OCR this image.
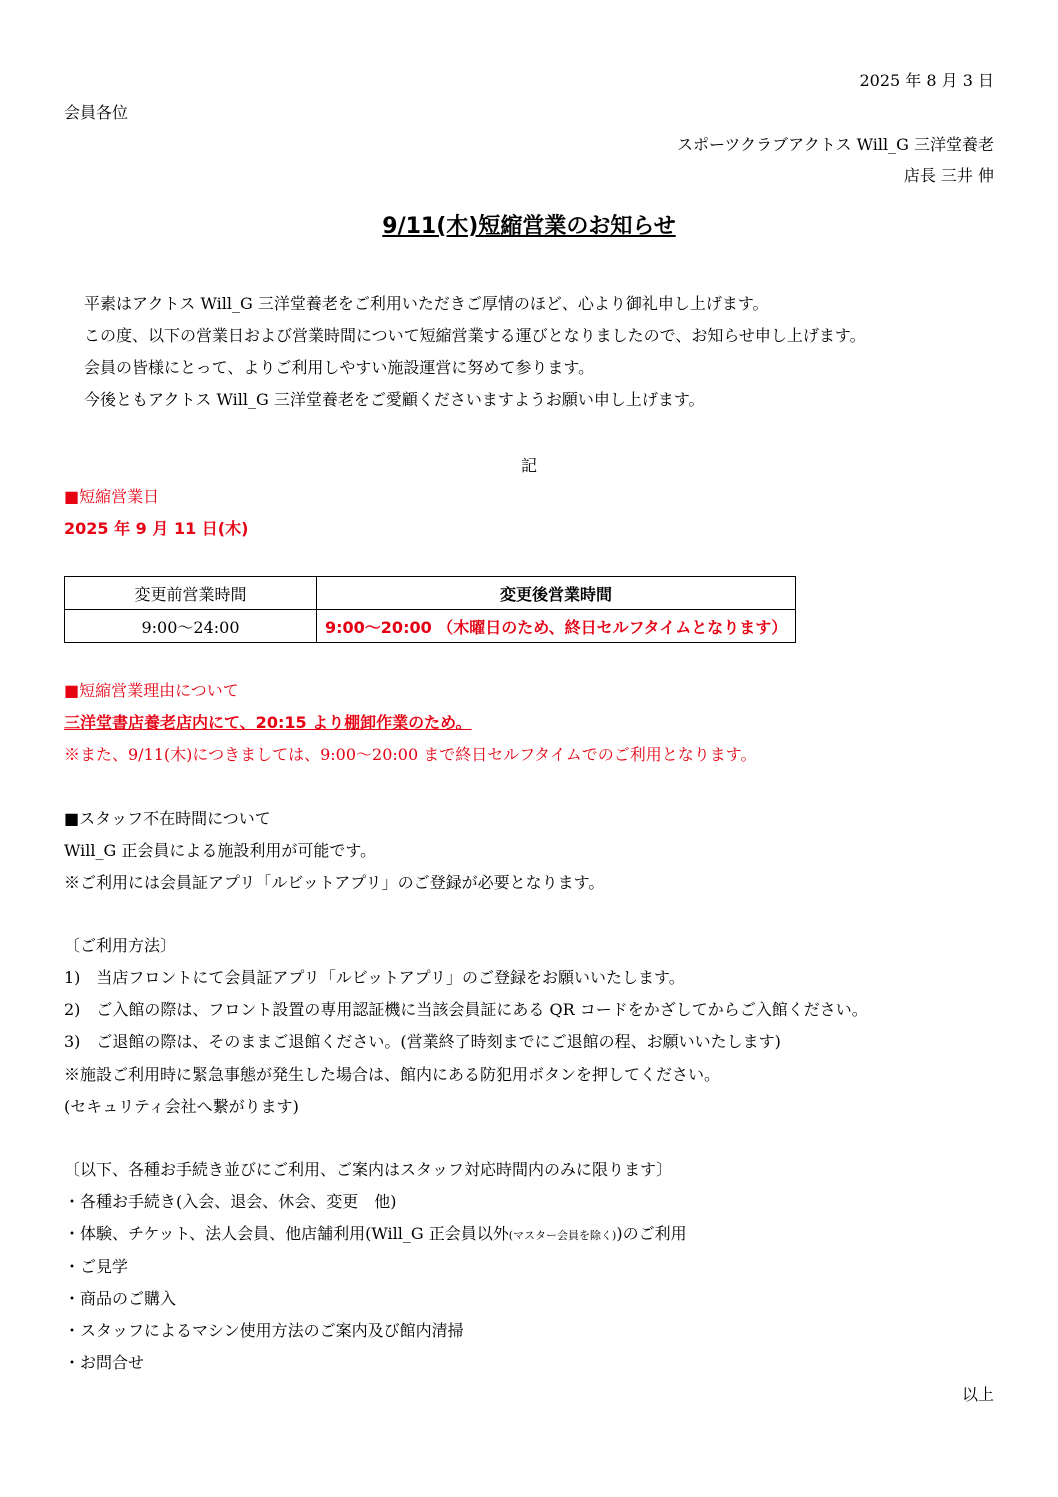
2025 年 8 月 3 日
会員各位
スポーツクラブアクトス Will_G 三洋堂養老
店長 三井 伸
9/11(木)短縮営業のお知らせ
平素はアクトス Will_G 三洋堂養老をご利用いただきご厚情のほど、心より御礼申し上げます。
この度、以下の営業日および営業時間について短縮営業する運びとなりましたので、お知らせ申し上げます。
会員の皆様にとって、よりご利用しやすい施設運営に努めて参ります。
今後ともアクトス Will_G 三洋堂養老をご愛顧くださいますようお願い申し上げます。
記
■短縮営業日
2025 年 9 月 11 日(木)
変更前営業時間	変更後営業時間
9:00～24:00	9:00～20:00 （木曜日のため、終日セルフタイムとなります）
■短縮営業理由について
三洋堂書店養老店内にて、20:15 より棚卸作業のため。
※また、9/11(木)につきましては、9:00～20:00 まで終日セルフタイムでのご利用となります。
■スタッフ不在時間について
Will_G 正会員による施設利用が可能です。
※ご利用には会員証アプリ「ルビットアプリ」のご登録が必要となります。
〔ご利用方法〕
1)　当店フロントにて会員証アプリ「ルビットアプリ」のご登録をお願いいたします。
2)　ご入館の際は、フロント設置の専用認証機に当該会員証にある QR コードをかざしてからご入館ください。
3)　ご退館の際は、そのままご退館ください。(営業終了時刻までにご退館の程、お願いいたします)
※施設ご利用時に緊急事態が発生した場合は、館内にある防犯用ボタンを押してください。
(セキュリティ会社へ繋がります)
〔以下、各種お手続き並びにご利用、ご案内はスタッフ対応時間内のみに限ります〕
・各種お手続き(入会、退会、休会、変更　他)
・体験、チケット、法人会員、他店舗利用(Will_G 正会員以外(マスター会員を除く))のご利用
・ご見学
・商品のご購入
・スタッフによるマシン使用方法のご案内及び館内清掃
・お問合せ
以上
